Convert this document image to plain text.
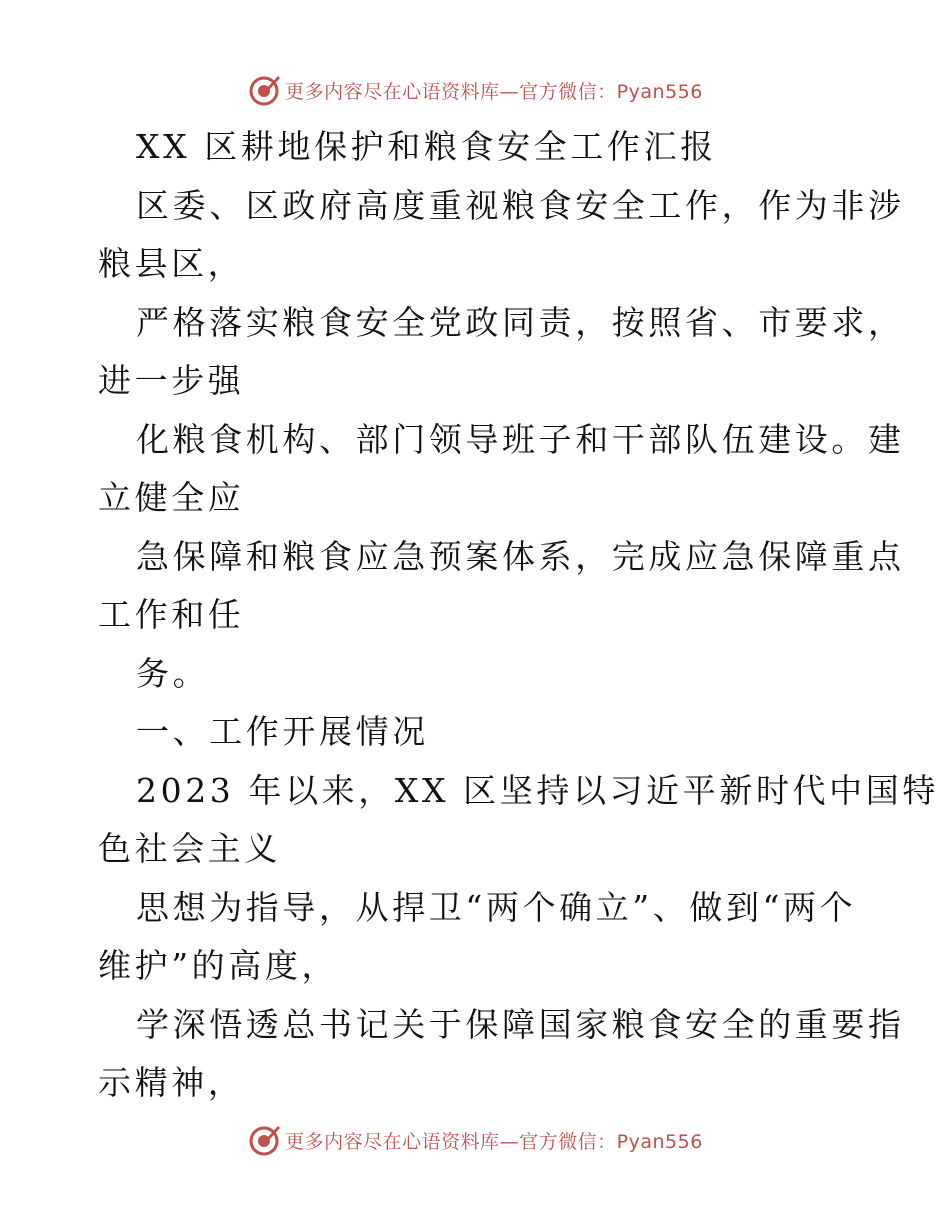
更多内容尽在心语资料库—官方微信：Pyan556
XX 区耕地保护和粮食安全工作汇报
区委、区政府高度重视粮食安全工作，作为非涉
粮县区，
严格落实粮食安全党政同责，按照省、市要求，
进一步强
化粮食机构、部门领导班子和干部队伍建设。建
立健全应
急保障和粮食应急预案体系，完成应急保障重点
工作和任
务。
一、工作开展情况
2023 年以来，XX 区坚持以习近平新时代中国特
色社会主义
思想为指导，从捍卫“两个确立”、做到“两个
维护”的高度，
学深悟透总书记关于保障国家粮食安全的重要指
示精神，
更多内容尽在心语资料库—官方微信：Pyan556
